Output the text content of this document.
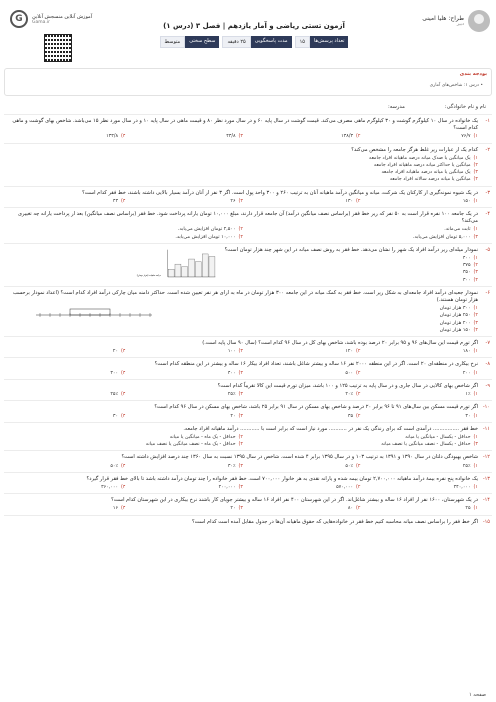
طراح: هلیا امینی
دبیر
G	آموزش آنلاین منسجش آنلاین
Gama.ir	آزمون تستی ریاضی و آمار یازدهم | فصل ۳ (درس ۱)
تعداد پرسش‌ها
۱۵
مدت پاسخگویی
۲۵ دقیقه
سطح سختی
متوسط
بودجه بندی
• درس ۱: شاخص‌های آماری
نام و نام خانوادگی:
مدرسه:
۱-
یک خانواده در سال ۱۰ کیلوگرم گوشت و ۳۰ کیلوگرم ماهی مصرف می‌کند. قیمت گوشت در سال پایه ۶۰ و در سال مورد نظر ۸۰ و قیمت ماهی در سال پایه ۱۰ و در سال مورد نظر ۱۵ می‌باشد. شاخص بهای گوشت و ماهی کدام است؟
۱)۷۶/۷
۲)۱۳۸/۳
۳)۴۳/۸
۴)۱۳۳/۸
۲-
کدام یک از عبارات زیر غلط هرگز جامعه را مشخص می‌کند؟
۱)یک میانگین یا صدک میانه درصد ماهیانه افراد جامعه
۲)میانگین یا حداکثر میانه درصد ماهیانه افراد جامعه
۳)یک میانگین یا میانه درصد ماهیانه افراد جامعه
۴)میانگین یا میانه درصد سالانه افراد جامعه
۳-
در یک شیوه نمونه‌گیری از کارکنان یک شرکت، میانه و میانگین درآمد ماهیانه آنان به ترتیب ۲۶۰ و ۳۰۰ واحد پول است. اگر ۳ نفر از آنان درآمد بسیار بالایی داشته باشند، خط فقر کدام است؟
۱)۱۵۰
۲)۱۳۰
۳)۲۶
۴)۴۳
۴-
در یک جامعه ۱۰۰ نفره قرار است به ۵۰ نفر که زیر خط فقر (براساس نصف میانگین درآمد) آن جامعه قرار دارند، مبلغ ۱۰,۰۰۰ تومان یارانه پرداخت شود. خط فقر (براساس نصف میانگین) بعد از پرداخت یارانه چه تغییری می‌کند؟
۱)ثابت می‌ماند.
۲)۲,۵۰۰ تومان افزایش می‌یابد.
۳)۵,۰۰۰ تومان افزایش می‌یابد.
۴)۱۰,۰۰۰ تومان افزایش می‌یابد.
۵-
نمودار میله‌ای زیر درآمد افراد یک شهر را نشان می‌دهد. خط فقر به روش نصف میانه در این شهر چند هزار تومان است؟
۱)۴۰۰
۲)۳۷۵
۳)۳۵۰
۴)۳۰۰
درآمد ماهیانه (هزار تومان)
۶-
نمودار جعبه‌ای درآمد افراد جامعه‌ای به شکل زیر است. خط فقر به کمک میانه در این جامعه ۳۰۰ هزار تومان در ماه به ازای هر نفر تعیین شده است. حداکثر دامنه میان چارکی درآمد افراد کدام است؟ (اعداد نمودار برحسب هزار تومان هستند.)
۱)۳۰۰ هزار تومان
۲)۲۵۰ هزار تومان
۳)۲۰۰ هزار تومان
۴)۱۵۰ هزار تومان
۷-
اگر تورم قیمت این سال‌های ۹۶ و ۹۵ برابر ۲۰ درصد بوده باشد، شاخص بهای کل در سال ۹۶ کدام است؟ (سال ۹۰ سال پایه است.)
۱)۱۸۰
۲)۱۲۰
۳)۱۰۰
۴)۲۰
۸-
نرخ بیکاری در منطقه‌ای ۲۰ است. اگر در این منطقه ۲۰۰۰ نفر ۱۶ ساله و بیشتر شاغل باشند، تعداد افراد بیکار ۱۶ ساله و بیشتر در این منطقه کدام است؟
۱)۲۰۰
۲)۵۰۰
۳)۴۰۰
۴)۳۰۰
۹-
اگر شاخص بهای کالایی در سال جاری و در سال پایه به ترتیب ۱۲۵ و ۱۰۰ باشد، میزان تورم قیمت این کالا تقریباً کدام است؟
۱)۱٪
۲)۲۰٪
۳)۲۵٪
۴)۲۵٪
۱۰-
اگر تورم قیمت مسکن بین سال‌های ۹۱ تا ۹۶ برابر ۲۰ درصد و شاخص بهای مسکن در سال ۹۱ برابر ۲۵ باشد، شاخص بهای مسکن در سال ۹۶ کدام است؟
۱)۳۰
۲)۳۵
۳)۴۰
۴)۳۰
۱۱-
خط فقر ................ درآمدی است که برای زندگی یک نفر در ........... مورد نیاز است که برابر است با ............ درآمد ماهیانه افراد جامعه.
۱)حداقل - یکسال - میانگین یا میانه
۲)حداقل - یک ماه - میانگین یا میانه
۳)حداقل - یکسال - نصف میانگین یا نصف میانه
۴)حداقل - یک ماه - نصف میانگین یا نصف میانه
۱۲-
شاخص بهبودگی دلتان در سال ۱۳۹۰ و ۱۳۹۱ به ترتیب ۱۰۳ و در سال ۱۳۹۵ برابر ۴ شده است. شاخص در سال ۱۳۹۵ نسبت به سال ۱۳۶۰ چند درصد افزایش داشته است؟
۱)۲۵٪
۲)۵۰٪
۳)۳۰٪
۴)۵۰٪
۱۳-
یک خانواده پنج نفره بیمهٔ درآمد ماهیانه ۲,۷۰۰,۰۰۰ تومان بیمه شده و یارانه نقدی به هر خانوار ۷۰۰,۰۰۰ است. خط فقر خانواده را چند تومان درآمد داشته باشد تا بالای خط فقر قرار گیرد؟
۱)۴۴۰,۰۰۰
۲)۵۷۰,۰۰۰
۳)۲۰۰,۰۰۰
۴)۳۶۰,۰۰۰
۱۴-
در یک شهرستان، ۱۶۰۰ نفر از افراد ۱۶ ساله و بیشتر شاغل‌اند. اگر در این شهرستان ۴۰۰ نفر افراد ۱۶ ساله و بیشتر جویای کار باشند نرخ بیکاری در این شهرستان کدام است؟
۱)۲۵
۲)۸۰
۳)۲۰
۴)۱۶
۱۵-
اگر خط فقر را براساس نصف میانه محاسبه کنیم خط فقر در خانواده‌هایی که حقوق ماهیانه آن‌ها در جدول مقابل آمده است کدام است؟
صفحه ۱
